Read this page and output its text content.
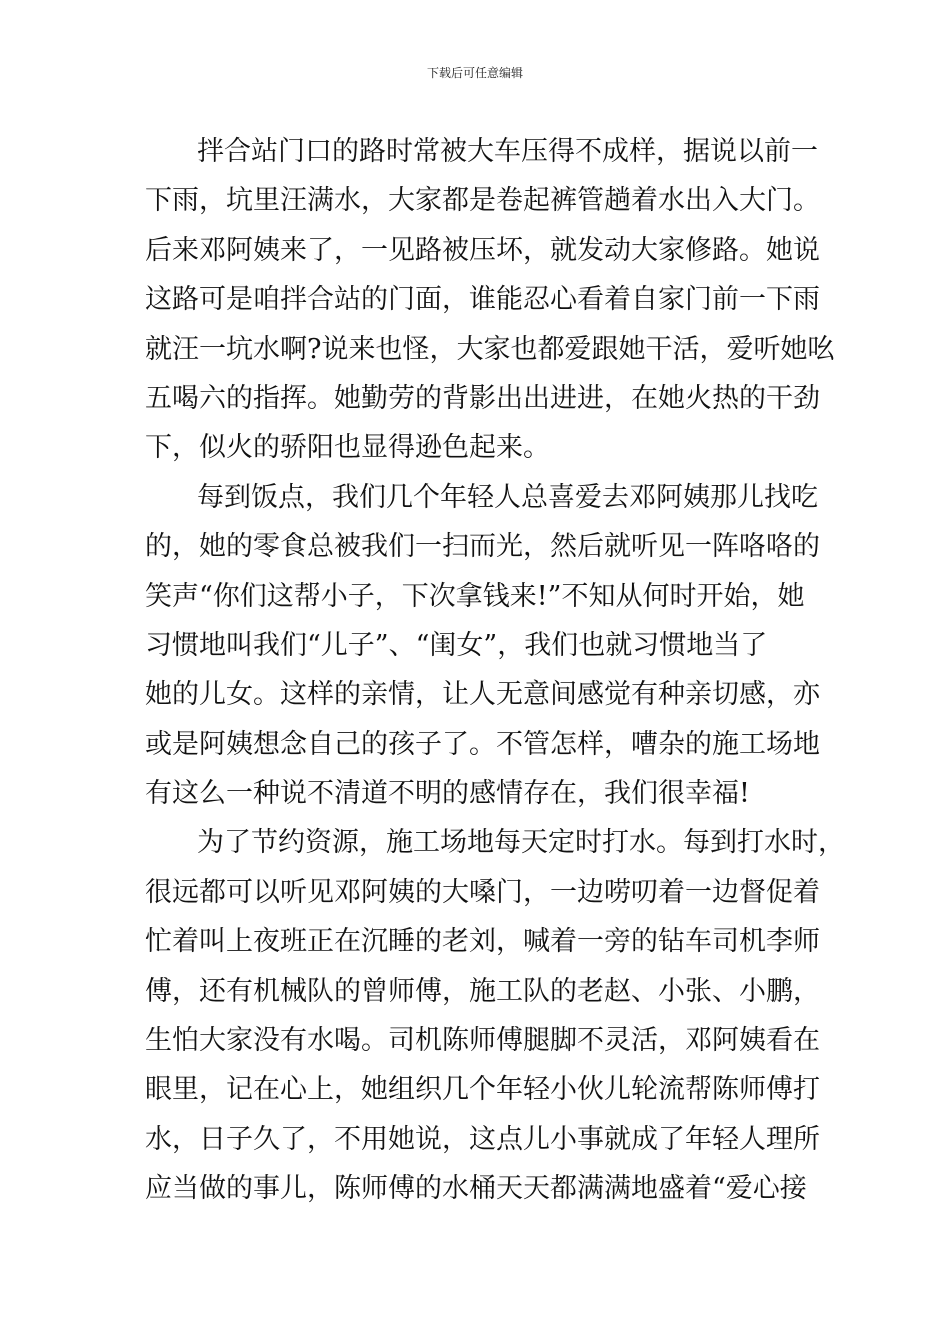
下载后可任意编辑
拌合站门口的路时常被大车压得不成样，据说以前一
下雨，坑里汪满水，大家都是卷起裤管趟着水出入大门。
后来邓阿姨来了，一见路被压坏，就发动大家修路。她说
这路可是咱拌合站的门面，谁能忍心看着自家门前一下雨
就汪一坑水啊?说来也怪，大家也都爱跟她干活，爱听她吆
五喝六的指挥。她勤劳的背影出出进进，在她火热的干劲
下，似火的骄阳也显得逊色起来。
每到饭点，我们几个年轻人总喜爱去邓阿姨那儿找吃
的，她的零食总被我们一扫而光，然后就听见一阵咯咯的
笑声“你们这帮小子，下次拿钱来!”不知从何时开始，她
习惯地叫我们“儿子”、“闺女”，我们也就习惯地当了
她的儿女。这样的亲情，让人无意间感觉有种亲切感，亦
或是阿姨想念自己的孩子了。不管怎样，嘈杂的施工场地
有这么一种说不清道不明的感情存在，我们很幸福!
为了节约资源，施工场地每天定时打水。每到打水时，
很远都可以听见邓阿姨的大嗓门，一边唠叨着一边督促着
忙着叫上夜班正在沉睡的老刘，喊着一旁的钻车司机李师
傅，还有机械队的曾师傅，施工队的老赵、小张、小鹏，
生怕大家没有水喝。司机陈师傅腿脚不灵活，邓阿姨看在
眼里，记在心上，她组织几个年轻小伙儿轮流帮陈师傅打
水，日子久了，不用她说，这点儿小事就成了年轻人理所
应当做的事儿，陈师傅的水桶天天都满满地盛着“爱心接
